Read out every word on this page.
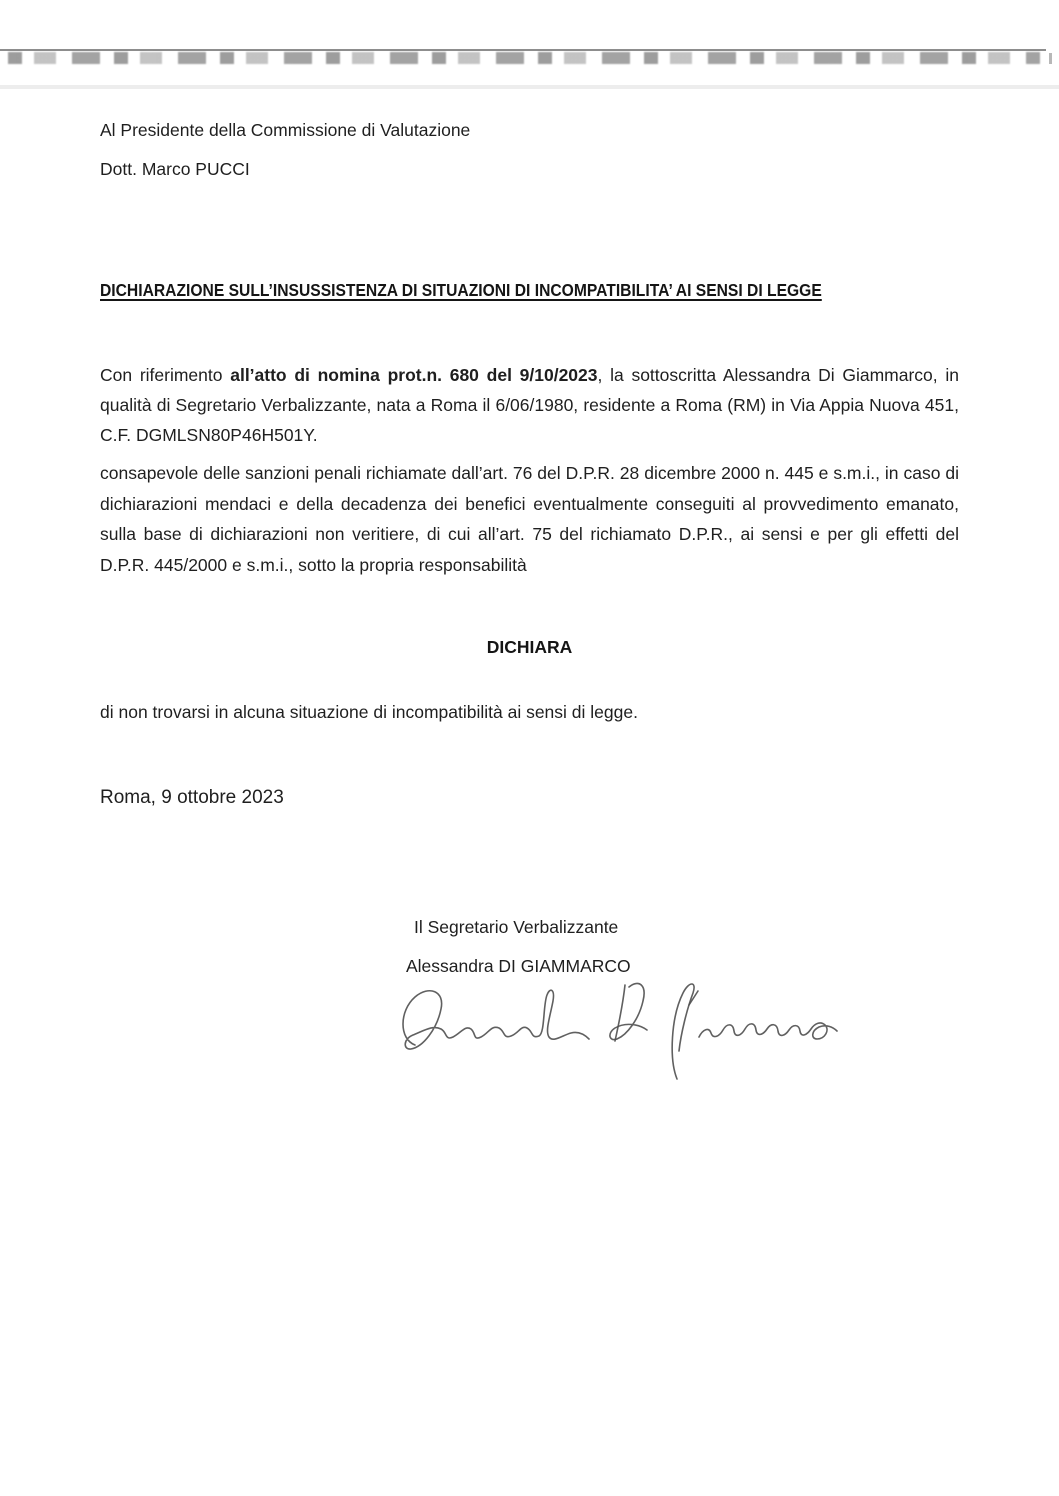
Al Presidente della Commissione di Valutazione

Dott. Marco PUCCI

DICHIARAZIONE SULL’INSUSSISTENZA DI SITUAZIONI DI INCOMPATIBILITA’ AI SENSI DI LEGGE

Con riferimento all’atto di nomina prot.n. 680 del 9/10/2023, la sottoscritta Alessandra Di Giammarco, in qualità di Segretario Verbalizzante, nata a Roma il 6/06/1980, residente a Roma (RM) in Via Appia Nuova 451, C.F. DGMLSN80P46H501Y.

consapevole delle sanzioni penali richiamate dall’art. 76 del D.P.R. 28 dicembre 2000 n. 445 e s.m.i., in caso di dichiarazioni mendaci e della decadenza dei benefici eventualmente conseguiti al provvedimento emanato, sulla base di dichiarazioni non veritiere, di cui all’art. 75 del richiamato D.P.R., ai sensi e per gli effetti del D.P.R. 445/2000 e s.m.i., sotto la propria responsabilità

DICHIARA

di non trovarsi in alcuna situazione di incompatibilità ai sensi di legge.

Roma, 9 ottobre 2023

Il Segretario Verbalizzante

Alessandra DI GIAMMARCO
